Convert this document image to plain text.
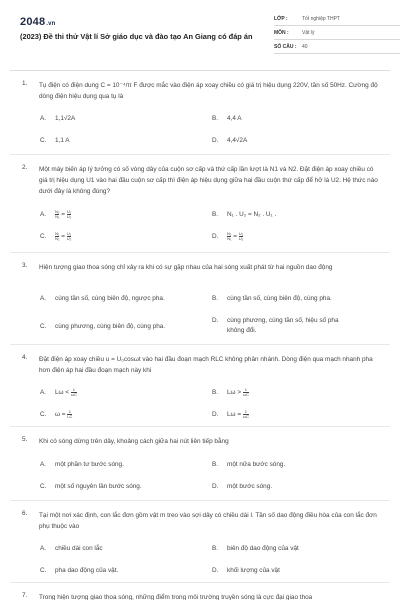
2048.vn
(2023) Đề thi thử Vật lí Sở giáo dục và đào tạo An Giang có đáp án
LỚP :	Tốt nghiệp THPT
MÔN :	Vật lý
SỐ CÂU :	40
1. Tụ điện có điện dung C = 10⁻⁴/π F được mắc vào điện áp xoay chiều có giá trị hiệu dụng 220V, tần số 50Hz. Cường độ dòng điện hiệu dụng qua tụ là
A.	1,1√2A	B.	4,4 A
C.	1,1 A	D.	4,4√2A
2. Một máy biến áp lý tưởng có số vòng dây của cuộn sơ cấp và thứ cấp lần lượt là N1 và N2. Đặt điện áp xoay chiều có giá trị hiệu dụng U1 vào hai đầu cuộn sơ cấp thì điện áp hiệu dụng giữa hai đầu cuộn thứ cấp để hở là U2. Hệ thức nào dưới đây là không đúng?
A.	$\frac{\text{N₂}}{\text{N₁}} = \frac{\text{U₁}}{\text{U₂}}$	B.	N₁ . U₂ = N₂ . U₁ .
C.	$\frac{\text{N₁}}{\text{N₂}} = \frac{\text{U₁}}{\text{U₂}}$	D.	$\frac{\text{N₂}}{\text{N₁}} = \frac{\text{U₂}}{\text{U₁}}$
3. Hiện tượng giao thoa sóng chỉ xảy ra khi có sự gặp nhau của hai sóng xuất phát từ hai nguồn dao động
A.	cùng tần số, cùng biên độ, ngược pha.	B.	cùng tần số, cùng biên độ, cùng pha.
C.	cùng phương, cùng biên độ, cùng pha.
D.	cùng phương, cùng tần số, hiệu số pha không đổi.
4. Đặt điện áp xoay chiều u = U₀cosωt vào hai đầu đoạn mạch RLC không phân nhánh. Dòng điện qua mạch nhanh pha hơn điện áp hai đầu đoạn mạch này khi
A.	$L\omega < \frac{1}{\omega C}$	B.	$L\omega > \frac{1}{\omega C}$
C.	$\omega = \frac{1}{LC}$	D.	$L\omega = \frac{1}{\omega C}$
5. Khi có sóng dừng trên dây, khoảng cách giữa hai nút liên tiếp bằng
A.	một phần tư bước sóng.	B.	một nửa bước sóng.
C.	một số nguyên lần bước sóng.	D.	một bước sóng.
6. Tại một nơi xác định, con lắc đơn gồm vật m treo vào sợi dây có chiều dài l. Tần số dao động điều hòa của con lắc đơn phụ thuộc vào
A.	chiều dài con lắc	B.	biên độ dao động của vật
C.	pha dao động của vật.	D.	khối lượng của vật
7. Trong hiện tượng giao thoa sóng, những điểm trong môi trường truyền sóng là cực đại giao thoa
